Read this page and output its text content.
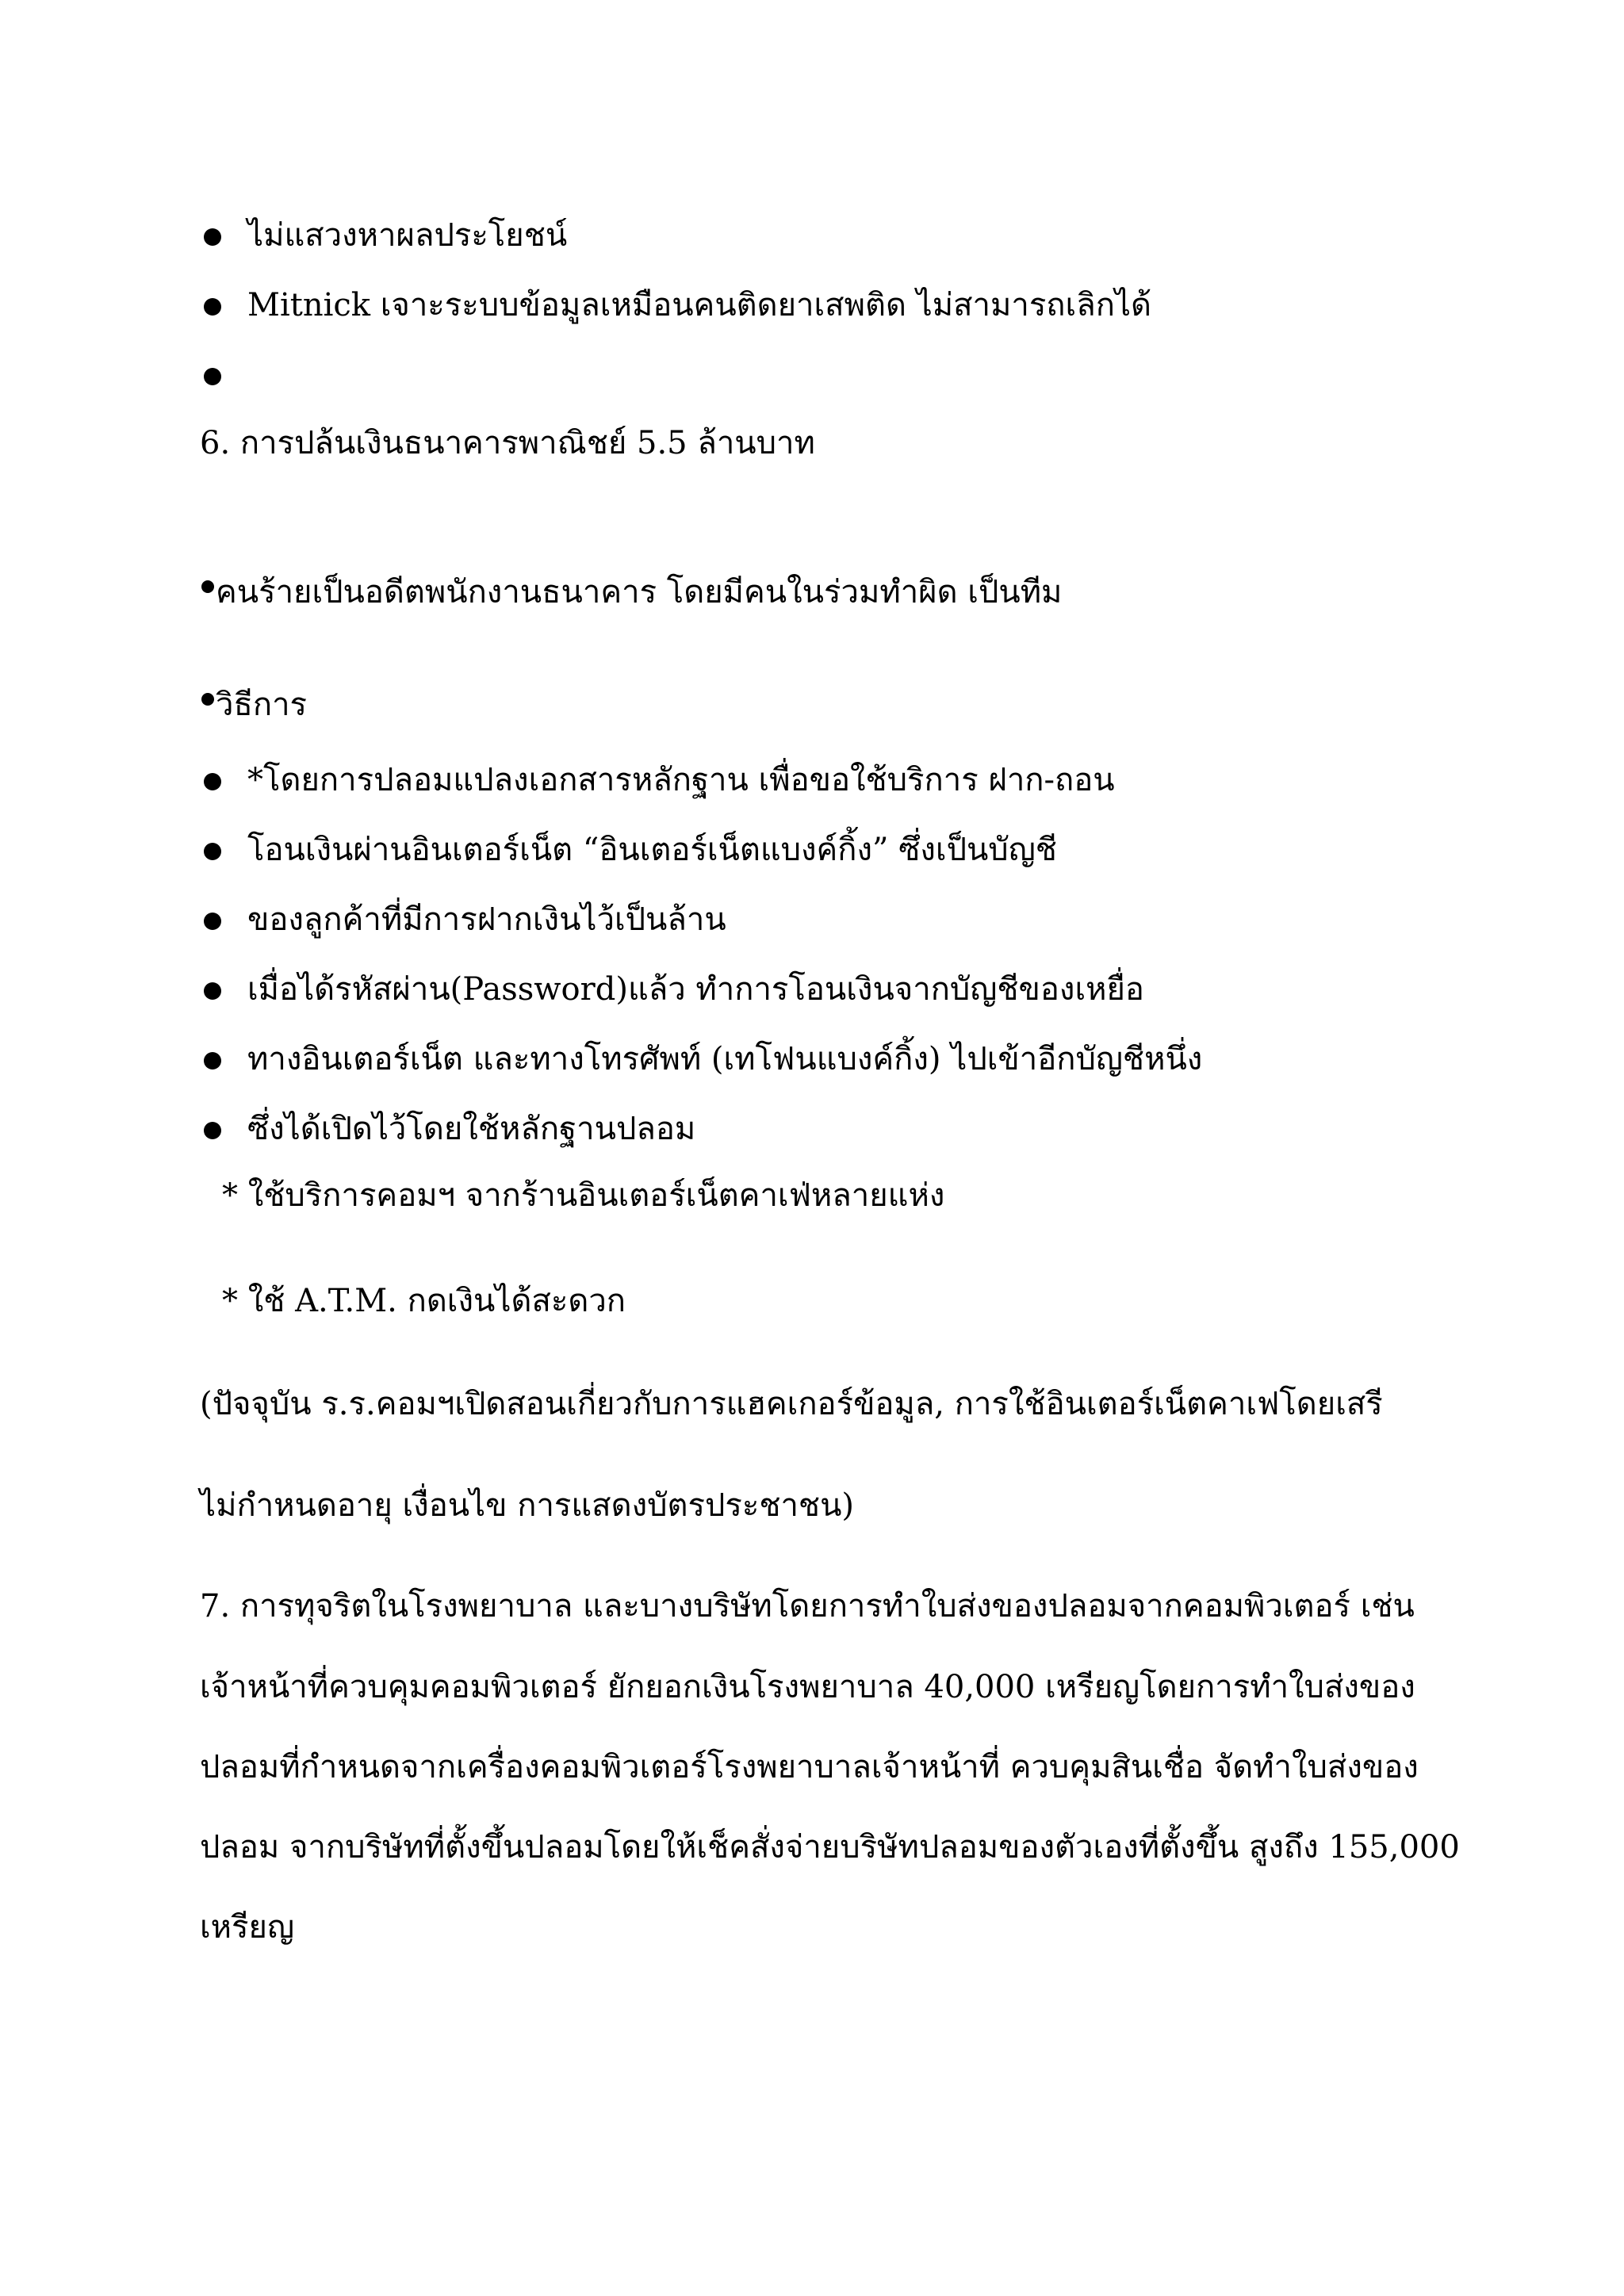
ไม่แสวงหาผลประโยชน์
Mitnick เจาะระบบข้อมูลเหมือนคนติดยาเสพติด ไม่สามารถเลิกได้
6. การปล้นเงินธนาคารพาณิชย์ 5.5 ล้านบาท
คนร้ายเป็นอดีตพนักงานธนาคาร โดยมีคนในร่วมทำผิด เป็นทีม
วิธีการ
*โดยการปลอมแปลงเอกสารหลักฐาน เพื่อขอใช้บริการ ฝาก-ถอน
โอนเงินผ่านอินเตอร์เน็ต “อินเตอร์เน็ตแบงค์กิ้ง” ซึ่งเป็นบัญชี
ของลูกค้าที่มีการฝากเงินไว้เป็นล้าน
เมื่อได้รหัสผ่าน(Password)แล้ว ทำการโอนเงินจากบัญชีของเหยื่อ
ทางอินเตอร์เน็ต และทางโทรศัพท์ (เทโฟนแบงค์กิ้ง) ไปเข้าอีกบัญชีหนึ่ง
ซึ่งได้เปิดไว้โดยใช้หลักฐานปลอม
* ใช้บริการคอมฯ จากร้านอินเตอร์เน็ตคาเฟ่หลายแห่ง
* ใช้ A.T.M. กดเงินได้สะดวก
(ปัจจุบัน ร.ร.คอมฯเปิดสอนเกี่ยวกับการแฮคเกอร์ข้อมูล, การใช้อินเตอร์เน็ตคาเฟโดยเสรี
ไม่กำหนดอายุ เงื่อนไข การแสดงบัตรประชาชน)
7. การทุจริตในโรงพยาบาล และบางบริษัทโดยการทำใบส่งของปลอมจากคอมพิวเตอร์ เช่น
เจ้าหน้าที่ควบคุมคอมพิวเตอร์ ยักยอกเงินโรงพยาบาล 40,000 เหรียญโดยการทำใบส่งของ
ปลอมที่กำหนดจากเครื่องคอมพิวเตอร์โรงพยาบาลเจ้าหน้าที่ ควบคุมสินเชื่อ จัดทำใบส่งของ
ปลอม จากบริษัทที่ตั้งขึ้นปลอมโดยให้เช็คสั่งจ่ายบริษัทปลอมของตัวเองที่ตั้งขึ้น สูงถึง 155,000
เหรียญ
